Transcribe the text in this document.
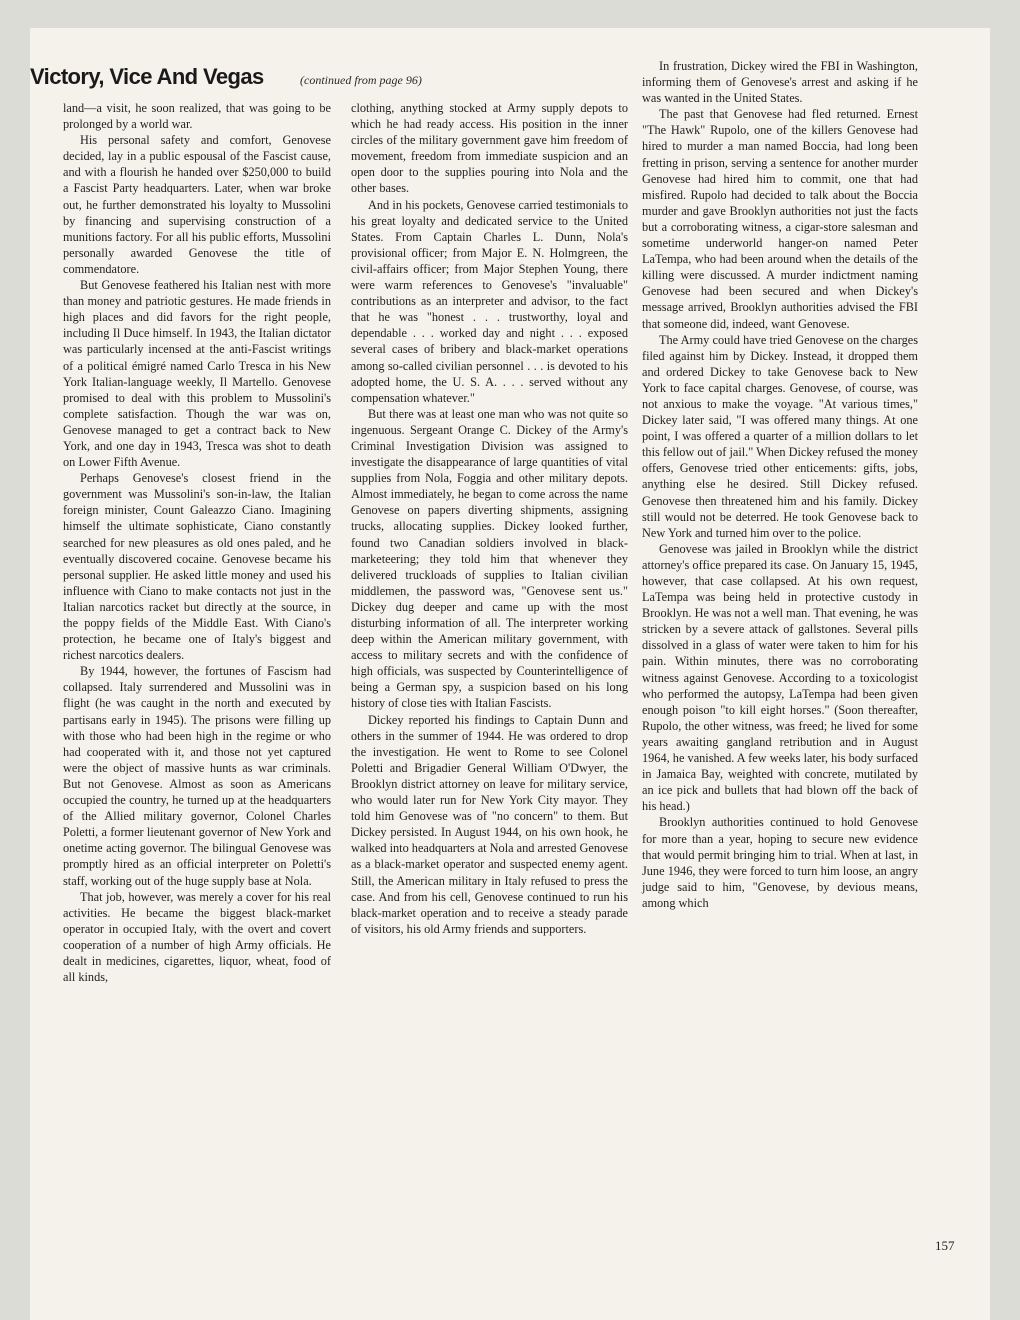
Victory, Vice And Vegas	(continued from page 96)

land—a visit, he soon realized, that was going to be prolonged by a world war.

His personal safety and comfort, Genovese decided, lay in a public espousal of the Fascist cause, and with a flourish he handed over $250,000 to build a Fascist Party headquarters. Later, when war broke out, he further demonstrated his loyalty to Mussolini by financing and supervising construction of a munitions factory. For all his public efforts, Mussolini personally awarded Genovese the title of commendatore.

But Genovese feathered his Italian nest with more than money and patriotic gestures. He made friends in high places and did favors for the right people, including Il Duce himself. In 1943, the Italian dictator was particularly incensed at the anti-Fascist writings of a political émigré named Carlo Tresca in his New York Italian-language weekly, Il Martello. Genovese promised to deal with this problem to Mussolini's complete satisfaction. Though the war was on, Genovese managed to get a contract back to New York, and one day in 1943, Tresca was shot to death on Lower Fifth Avenue.

Perhaps Genovese's closest friend in the government was Mussolini's son-in-law, the Italian foreign minister, Count Galeazzo Ciano. Imagining himself the ultimate sophisticate, Ciano constantly searched for new pleasures as old ones paled, and he eventually discovered cocaine. Genovese became his personal supplier. He asked little money and used his influence with Ciano to make contacts not just in the Italian narcotics racket but directly at the source, in the poppy fields of the Middle East. With Ciano's protection, he became one of Italy's biggest and richest narcotics dealers.

By 1944, however, the fortunes of Fascism had collapsed. Italy surrendered and Mussolini was in flight (he was caught in the north and executed by partisans early in 1945). The prisons were filling up with those who had been high in the regime or who had cooperated with it, and those not yet captured were the object of massive hunts as war criminals. But not Genovese. Almost as soon as Americans occupied the country, he turned up at the headquarters of the Allied military governor, Colonel Charles Poletti, a former lieutenant governor of New York and onetime acting governor. The bilingual Genovese was promptly hired as an official interpreter on Poletti's staff, working out of the huge supply base at Nola.

That job, however, was merely a cover for his real activities. He became the biggest black-market operator in occupied Italy, with the overt and covert cooperation of a number of high Army officials. He dealt in medicines, cigarettes, liquor, wheat, food of all kinds,

clothing, anything stocked at Army supply depots to which he had ready access. His position in the inner circles of the military government gave him freedom of movement, freedom from immediate suspicion and an open door to the supplies pouring into Nola and the other bases.

And in his pockets, Genovese carried testimonials to his great loyalty and dedicated service to the United States. From Captain Charles L. Dunn, Nola's provisional officer; from Major E. N. Holmgreen, the civil-affairs officer; from Major Stephen Young, there were warm references to Genovese's "invaluable" contributions as an interpreter and advisor, to the fact that he was "honest . . . trustworthy, loyal and dependable . . . worked day and night . . . exposed several cases of bribery and black-market operations among so-called civilian personnel . . . is devoted to his adopted home, the U. S. A. . . . served without any compensation whatever."

But there was at least one man who was not quite so ingenuous. Sergeant Orange C. Dickey of the Army's Criminal Investigation Division was assigned to investigate the disappearance of large quantities of vital supplies from Nola, Foggia and other military depots. Almost immediately, he began to come across the name Genovese on papers diverting shipments, assigning trucks, allocating supplies. Dickey looked further, found two Canadian soldiers involved in black-marketeering; they told him that whenever they delivered truckloads of supplies to Italian civilian middlemen, the password was, "Genovese sent us." Dickey dug deeper and came up with the most disturbing information of all. The interpreter working deep within the American military government, with access to military secrets and with the confidence of high officials, was suspected by Counterintelligence of being a German spy, a suspicion based on his long history of close ties with Italian Fascists.

Dickey reported his findings to Captain Dunn and others in the summer of 1944. He was ordered to drop the investigation. He went to Rome to see Colonel Poletti and Brigadier General William O'Dwyer, the Brooklyn district attorney on leave for military service, who would later run for New York City mayor. They told him Genovese was of "no concern" to them. But Dickey persisted. In August 1944, on his own hook, he walked into headquarters at Nola and arrested Genovese as a black-market operator and suspected enemy agent. Still, the American military in Italy refused to press the case. And from his cell, Genovese continued to run his black-market operation and to receive a steady parade of visitors, his old Army friends and supporters.

In frustration, Dickey wired the FBI in Washington, informing them of Genovese's arrest and asking if he was wanted in the United States.

The past that Genovese had fled returned. Ernest "The Hawk" Rupolo, one of the killers Genovese had hired to murder a man named Boccia, had long been fretting in prison, serving a sentence for another murder Genovese had hired him to commit, one that had misfired. Rupolo had decided to talk about the Boccia murder and gave Brooklyn authorities not just the facts but a corroborating witness, a cigar-store salesman and sometime underworld hanger-on named Peter LaTempa, who had been around when the details of the killing were discussed. A murder indictment naming Genovese had been secured and when Dickey's message arrived, Brooklyn authorities advised the FBI that someone did, indeed, want Genovese.

The Army could have tried Genovese on the charges filed against him by Dickey. Instead, it dropped them and ordered Dickey to take Genovese back to New York to face capital charges. Genovese, of course, was not anxious to make the voyage. "At various times," Dickey later said, "I was offered many things. At one point, I was offered a quarter of a million dollars to let this fellow out of jail." When Dickey refused the money offers, Genovese tried other enticements: gifts, jobs, anything else he desired. Still Dickey refused. Genovese then threatened him and his family. Dickey still would not be deterred. He took Genovese back to New York and turned him over to the police.

Genovese was jailed in Brooklyn while the district attorney's office prepared its case. On January 15, 1945, however, that case collapsed. At his own request, LaTempa was being held in protective custody in Brooklyn. He was not a well man. That evening, he was stricken by a severe attack of gallstones. Several pills dissolved in a glass of water were taken to him for his pain. Within minutes, there was no corroborating witness against Genovese. According to a toxicologist who performed the autopsy, LaTempa had been given enough poison "to kill eight horses." (Soon thereafter, Rupolo, the other witness, was freed; he lived for some years awaiting gangland retribution and in August 1964, he vanished. A few weeks later, his body surfaced in Jamaica Bay, weighted with concrete, mutilated by an ice pick and bullets that had blown off the back of his head.)

Brooklyn authorities continued to hold Genovese for more than a year, hoping to secure new evidence that would permit bringing him to trial. When at last, in June 1946, they were forced to turn him loose, an angry judge said to him, "Genovese, by devious means, among which

157
